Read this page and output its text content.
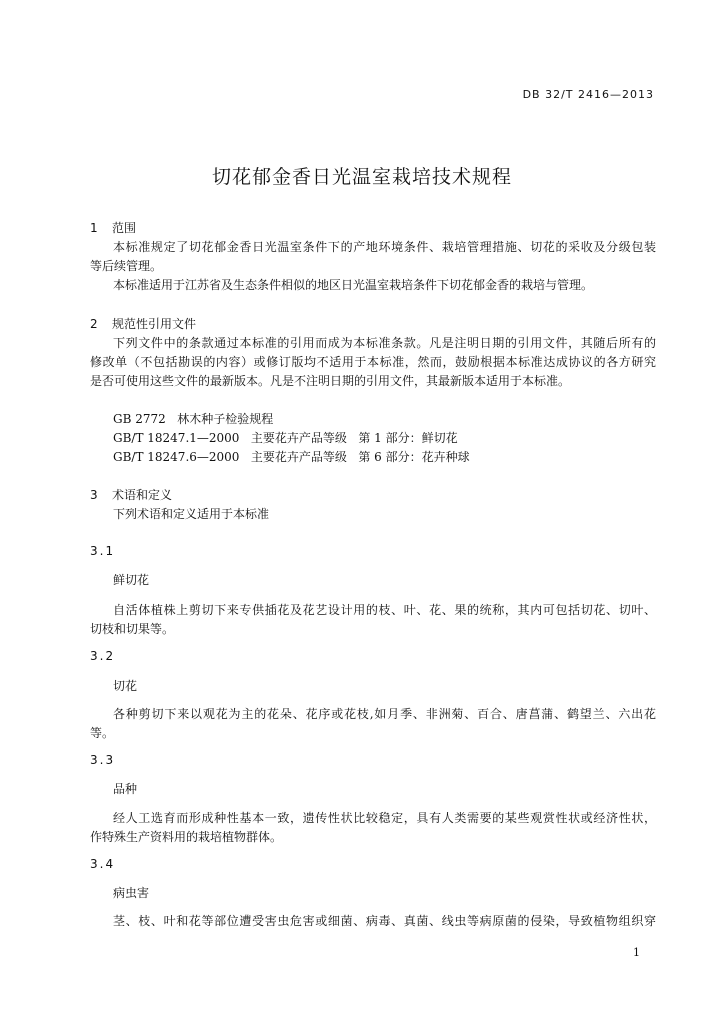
DB 32/T 2416—2013
切花郁金香日光温室栽培技术规程
1 范围
本标准规定了切花郁金香日光温室条件下的产地环境条件、栽培管理措施、切花的采收及分级包装
等后续管理。
本标准适用于江苏省及生态条件相似的地区日光温室栽培条件下切花郁金香的栽培与管理。
2 规范性引用文件
下列文件中的条款通过本标准的引用而成为本标准条款。凡是注明日期的引用文件，其随后所有的
修改单（不包括勘误的内容）或修订版均不适用于本标准，然而，鼓励根据本标准达成协议的各方研究
是否可使用这些文件的最新版本。凡是不注明日期的引用文件，其最新版本适用于本标准。
GB 2772   林木种子检验规程
GB/T 18247.1—2000   主要花卉产品等级   第 1 部分：鲜切花
GB/T 18247.6—2000   主要花卉产品等级   第 6 部分：花卉种球
3 术语和定义
下列术语和定义适用于本标准
3.1
鲜切花
自活体植株上剪切下来专供插花及花艺设计用的枝、叶、花、果的统称，其内可包括切花、切叶、
切枝和切果等。
3.2
切花
各种剪切下来以观花为主的花朵、花序或花枝,如月季、非洲菊、百合、唐菖蒲、鹤望兰、六出花
等。
3.3
品种
经人工选育而形成种性基本一致，遗传性状比较稳定，具有人类需要的某些观赏性状或经济性状，
作特殊生产资料用的栽培植物群体。
3.4
病虫害
茎、枝、叶和花等部位遭受害虫危害或细菌、病毒、真菌、线虫等病原菌的侵染，导致植物组织穿
1
